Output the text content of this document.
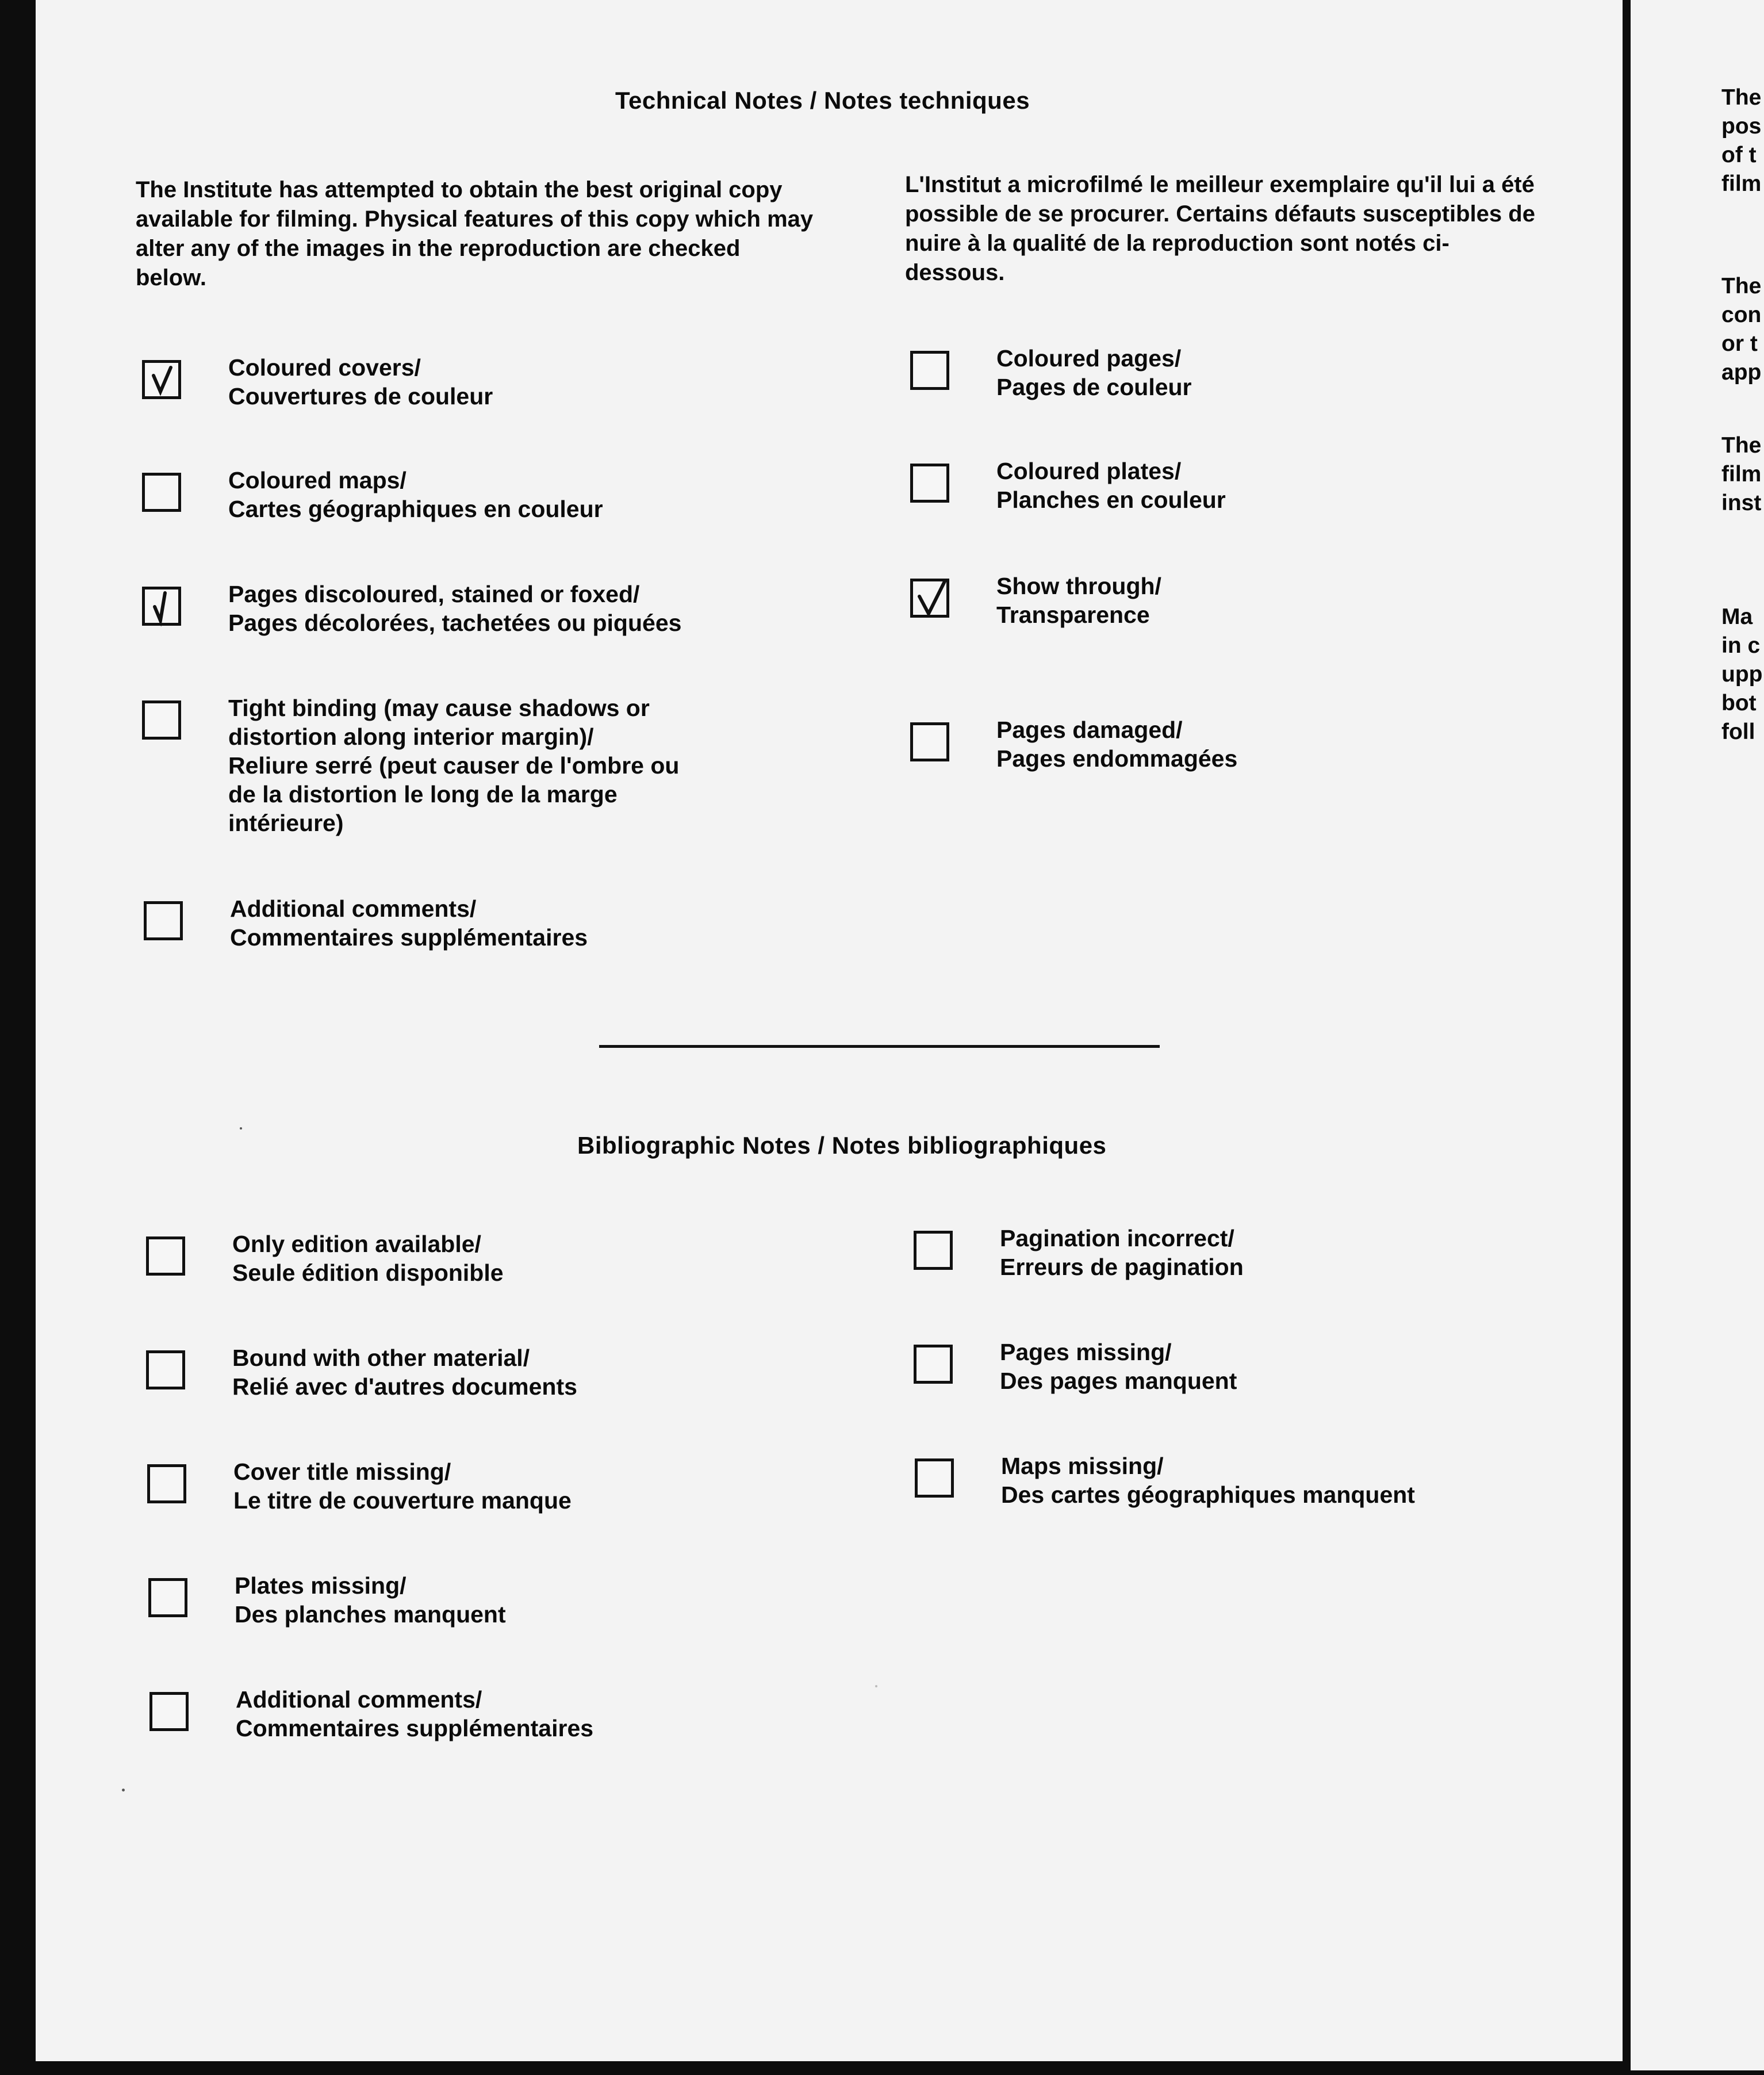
Technical Notes / Notes techniques

The Institute has attempted to obtain the best original copy available for filming. Physical features of this copy which may alter any of the images in the reproduction are checked below.

L'Institut a microfilmé le meilleur exemplaire qu'il lui a été possible de se procurer. Certains défauts susceptibles de nuire à la qualité de la reproduction sont notés ci-dessous.

Coloured covers/
Couvertures de couleur
Coloured maps/
Cartes géographiques en couleur
Pages discoloured, stained or foxed/
Pages décolorées, tachetées ou piquées
Tight binding (may cause shadows or
distortion along interior margin)/
Reliure serré (peut causer de l'ombre ou
de la distortion le long de la marge
intérieure)
Additional comments/
Commentaires supplémentaires
Coloured pages/
Pages de couleur
Coloured plates/
Planches en couleur
Show through/
Transparence
Pages damaged/
Pages endommagées
Bibliographic Notes / Notes bibliographiques
Only edition available/
Seule édition disponible
Bound with other material/
Relié avec d'autres documents
Cover title missing/
Le titre de couverture manque
Plates missing/
Des planches manquent
Additional comments/
Commentaires supplémentaires
Pagination incorrect/
Erreurs de pagination
Pages missing/
Des pages manquent
Maps missing/
Des cartes géographiques manquent
The
pos
of t
film
The
con
or t
app
The
film
inst
Ma
in c
upp
bot
foll
